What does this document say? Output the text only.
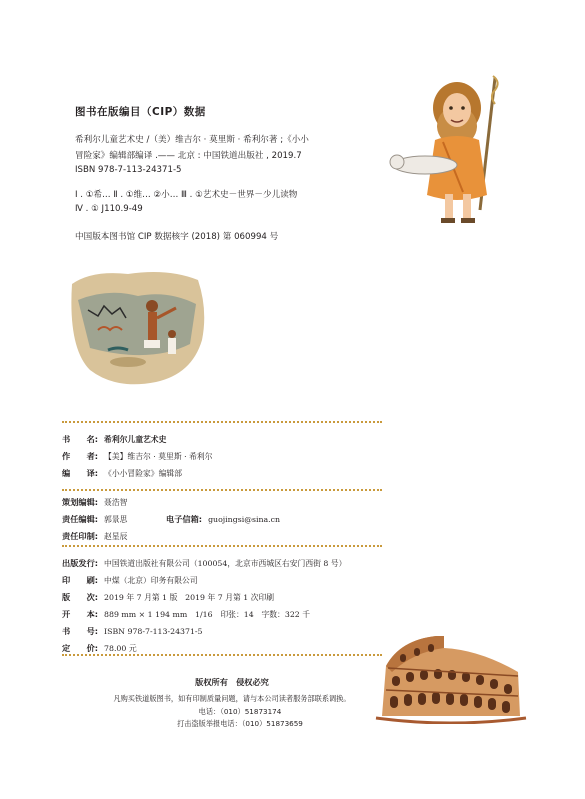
图书在版编目（CIP）数据
希利尔儿童艺术史 /（美）维吉尔 · 莫里斯 · 希利尔著 ;《小小
冒险家》编辑部编译 .—— 北京 : 中国铁道出版社 , 2019.7
ISBN 978-7-113-24371-5
Ⅰ . ①希… Ⅱ . ①维… ②小… Ⅲ . ①艺术史－世界－少儿读物
Ⅳ . ① J110.9-49
中国版本图书馆 CIP 数据核字 (2018) 第 060994 号
书　　名: 希利尔儿童艺术史
作　　者: 【美】维吉尔 · 莫里斯 · 希利尔
编　　译: 《小小冒险家》编辑部
策划编辑: 聂浩智
责任编辑: 郭景思	电子信箱: guojingsi@sina.cn
责任印制: 赵星辰
出版发行: 中国铁道出版社有限公司（100054，北京市西城区右安门西街 8 号）
印　　刷: 中煤（北京）印务有限公司
版　　次: 2019 年 7 月第 1 版　2019 年 7 月第 1 次印刷
开　　本: 889 mm × 1 194 mm　1/16　印张：14　字数：322 千
书　　号: ISBN 978-7-113-24371-5
定　　价: 78.00 元
版权所有　侵权必究
凡购买铁道版图书，如有印制质量问题，请与本公司读者服务部联系调换。
电话：（010）51873174
打击盗版举报电话：（010）51873659
